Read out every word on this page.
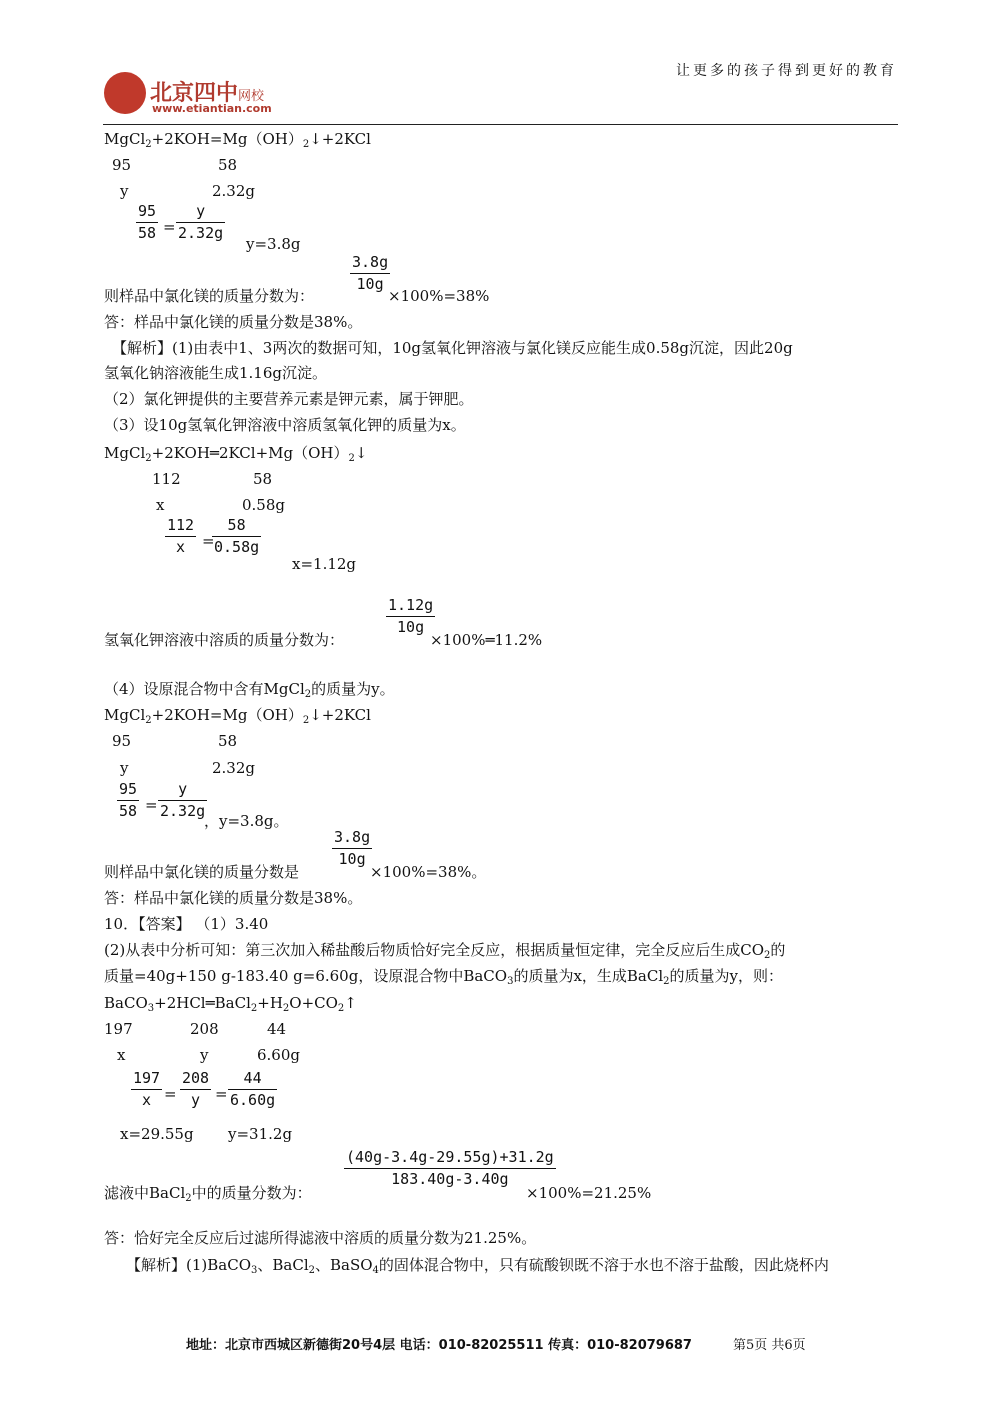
让更多的孩子得到更好的教育
北京四中网校
www.etiantian.com
$MgCl_2+2KOH=Mg(OH)_2↓+2KCl$
95	58
y	2.32g
95
58 =
y
2.32g
y=3.8g
3.8g
10g
则样品中氯化镁的质量分数为：	×100%=38%
答：样品中氯化镁的质量分数是38%。
【解析】(1)由表中1、3两次的数据可知，10g氢氧化钾溶液与氯化镁反应能生成0.58g沉淀，因此20g
氢氧化钠溶液能生成1.16g沉淀。
（2）氯化钾提供的主要营养元素是钾元素，属于钾肥。
（3）设10g氢氧化钾溶液中溶质氢氧化钾的质量为x。
$MgCl_2+2KOH═2KCl+Mg(OH)_2↓$
112	58
x	0.58g
112
x =
58
0.58g
x=1.12g
1.12g
10g
氢氧化钾溶液中溶质的质量分数为：	×100%═11.2%
（4）设原混合物中含有MgCl$_2$的质量为y。
$MgCl_2+2KOH=Mg(OH)_2↓+2KCl$
95	58
y	2.32g
95
58 =
y
2.32g
，y=3.8g。
3.8g
10g
则样品中氯化镁的质量分数是	×100%=38%。
答：样品中氯化镁的质量分数是38%。
10．【答案】 （1）3.40
(2)从表中分析可知：第三次加入稀盐酸后物质恰好完全反应，根据质量恒定律，完全反应后生成$CO_2$的
质量=40g+150 g-183.40 g=6.60g，设原混合物中BaCO$_3$的质量为x，生成BaCl$_2$的质量为y，则：
$BaCO_3+2HCl═BaCl_2+H_2O+CO_2↑$
197	208	44
x	y	6.60g
197
x =
208
y =
44
6.60g
x=29.55g y=31.2g
(40g-3.4g-29.55g)+31.2g
183.40g-3.40g
滤液中BaCl$_2$中的质量分数为：	×100%=21.25%
答：恰好完全反应后过滤所得滤液中溶质的质量分数为21.25%。
【解析】(1)BaCO$_3$、BaCl$_2$、BaSO$_4$的固体混合物中，只有硫酸钡既不溶于水也不溶于盐酸，因此烧杯内
地址：北京市西城区新德街20号4层 电话：010-82025511 传真：010-82079687	第5页 共6页
